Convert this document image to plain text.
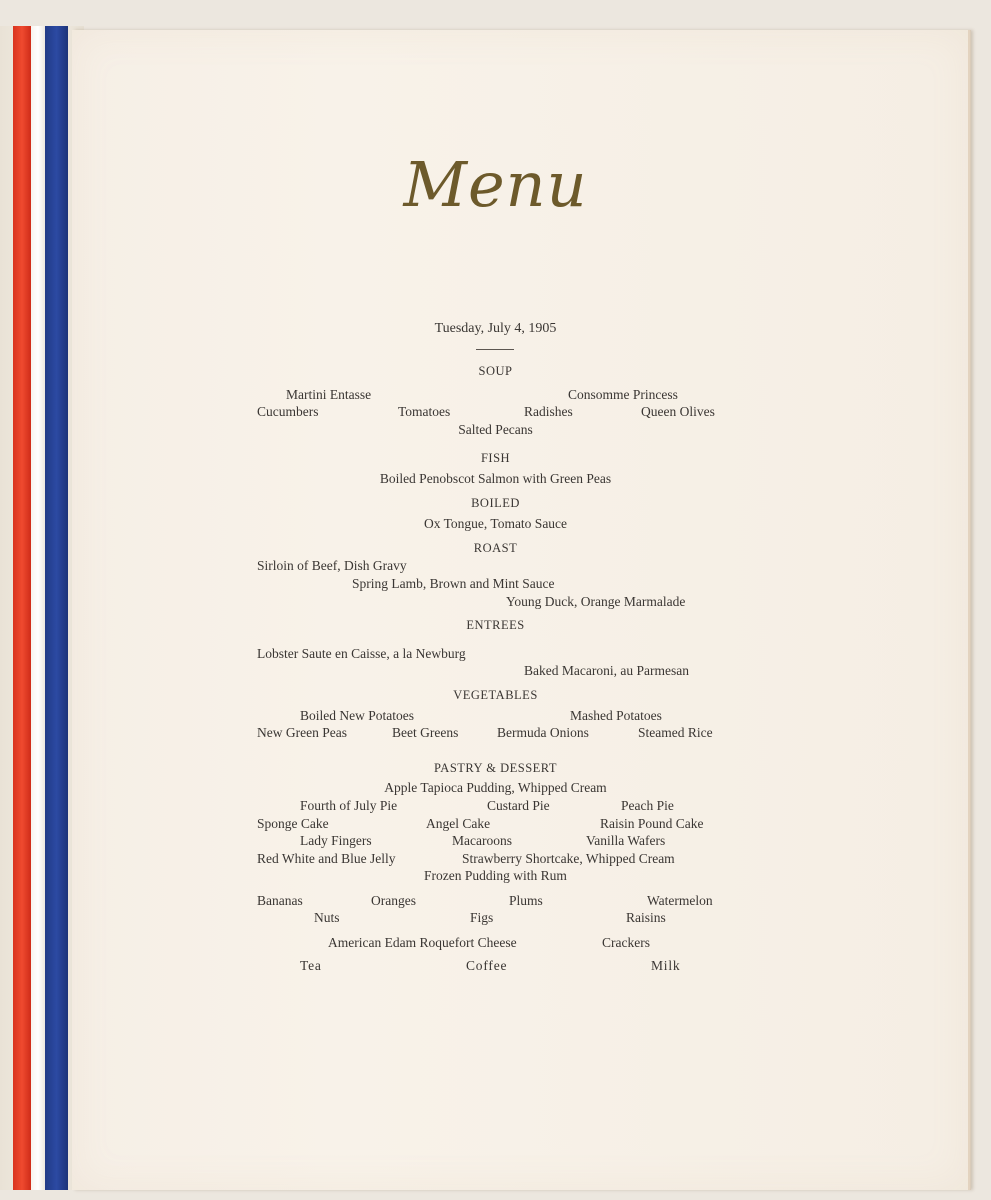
Menu
Tuesday, July 4, 1905
SOUP
Martini Entasse	Consomme Princess
Cucumbers	Tomatoes	Radishes	Queen Olives
Salted Pecans
FISH
Boiled Penobscot Salmon with Green Peas
BOILED
Ox Tongue, Tomato Sauce
ROAST
Sirloin of Beef, Dish Gravy
Spring Lamb, Brown and Mint Sauce
Young Duck, Orange Marmalade
ENTREES
Lobster Saute en Caisse, a la Newburg
Baked Macaroni, au Parmesan
VEGETABLES
Boiled New Potatoes	Mashed Potatoes
New Green Peas	Beet Greens	Bermuda Onions	Steamed Rice
PASTRY & DESSERT
Apple Tapioca Pudding, Whipped Cream
Fourth of July Pie	Custard Pie	Peach Pie
Sponge Cake	Angel Cake	Raisin Pound Cake
Lady Fingers	Macaroons	Vanilla Wafers
Red White and Blue Jelly	Strawberry Shortcake, Whipped Cream
Frozen Pudding with Rum
Bananas	Oranges	Plums	Watermelon
Nuts	Figs	Raisins
American Edam Roquefort Cheese	Crackers
Tea	Coffee	Milk
